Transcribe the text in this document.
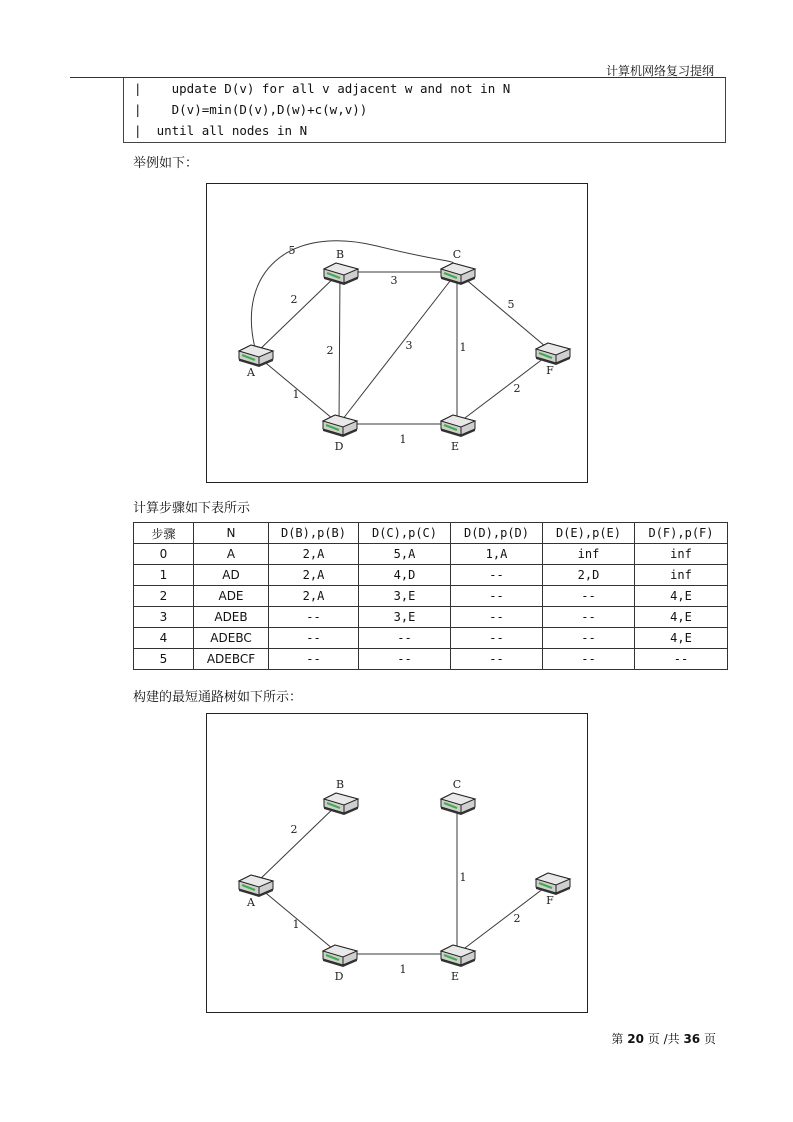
计算机网络复习提纲
|    update D(v) for all v adjacent w and not in N
|    D(v)=min(D(v),D(w)+c(w,v))
|  until all nodes in N
举例如下：
2
5
1
3
2	3	1
5
1
2
A
B	C
D	E
F
计算步骤如下表所示
步骤	N	D(B),p(B)	D(C),p(C)	D(D),p(D)	D(E),p(E)	D(F),p(F)
0	A	2,A	5,A	1,A	inf	inf
1	AD	2,A	4,D	--	2,D	inf
2	ADE	2,A	3,E	--	--	4,E
3	ADEB	--	3,E	--	--	4,E
4	ADEBC	--	--	--	--	4,E
5	ADEBCF	--	--	--	--	--
构建的最短通路树如下所示：
2
1
1
1
2
A
B	C
D	E
F
第 20 页 /共 36 页
